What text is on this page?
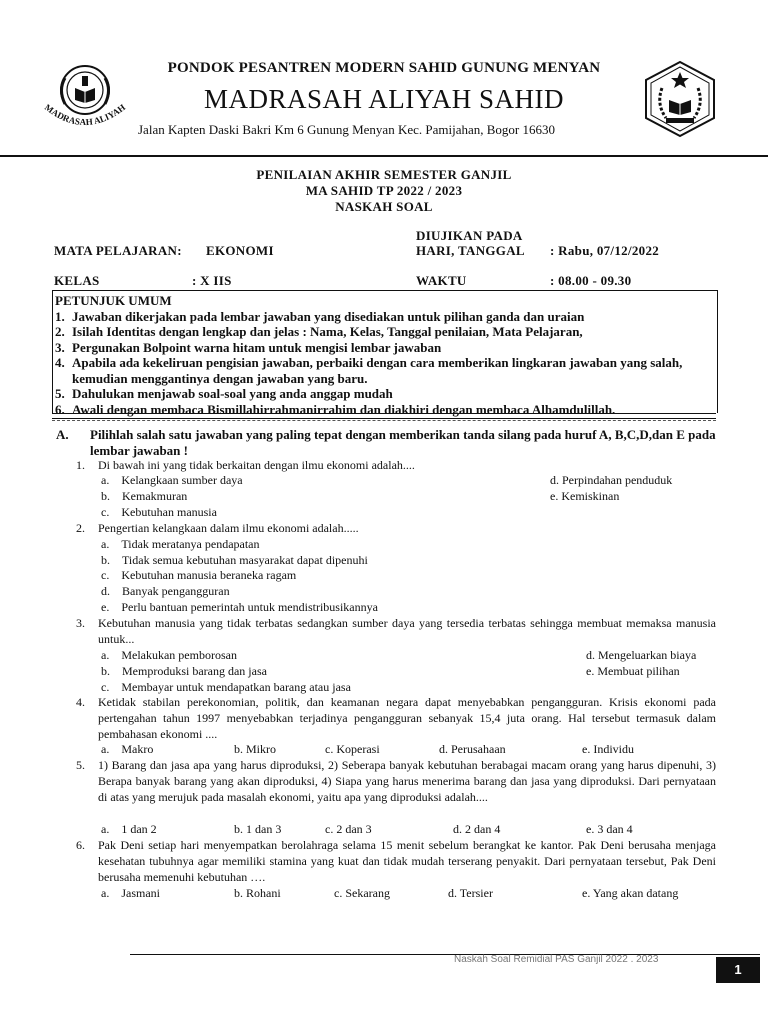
MADRASAH ALIYAH
PONDOK PESANTREN MODERN SAHID GUNUNG MENYAN
MADRASAH ALIYAH SAHID
Jalan Kapten Daski Bakri Km 6 Gunung Menyan Kec. Pamijahan, Bogor 16630
PENILAIAN AKHIR SEMESTER GANJIL
MA SAHID TP 2022 / 2023
NASKAH SOAL
DIUJIKAN PADA
MATA PELAJARAN: EKONOMI	HARI, TANGGAL : Rabu, 07/12/2022
KELAS	: X IIS	WAKTU	: 08.00 - 09.30
PETUNJUK UMUM
1. Jawaban dikerjakan pada lembar jawaban yang disediakan untuk pilihan ganda dan uraian
2. Isilah Identitas dengan lengkap dan jelas : Nama, Kelas, Tanggal penilaian, Mata Pelajaran,
3. Pergunakan Bolpoint warna hitam untuk mengisi lembar jawaban
4. Apabila ada kekeliruan pengisian jawaban, perbaiki dengan cara memberikan lingkaran jawaban yang salah, kemudian menggantinya dengan jawaban yang baru.
5. Dahulukan menjawab soal-soal yang anda anggap mudah
6. Awali dengan membaca Bismillahirrahmanirrahim dan diakhiri dengan membaca Alhamdulillah.
A. Pilihlah salah satu jawaban yang paling tepat dengan memberikan tanda silang pada huruf A, B,C,D,dan E pada lembar jawaban !
1.	Di bawah ini yang tidak berkaitan dengan ilmu ekonomi adalah....
a. Kelangkaan sumber daya
b. Kemakmuran
c. Kebutuhan manusia
d. Perpindahan penduduk
e. Kemiskinan
2.	Pengertian kelangkaan dalam ilmu ekonomi adalah.....
a. Tidak meratanya pendapatan
b. Tidak semua kebutuhan masyarakat dapat dipenuhi
c. Kebutuhan manusia beraneka ragam
d. Banyak pengangguran
e. Perlu bantuan pemerintah untuk mendistribusikannya
3.	Kebutuhan manusia yang tidak terbatas sedangkan sumber daya yang tersedia terbatas sehingga membuat memaksa manusia untuk...
a. Melakukan pemborosan
b. Memproduksi barang dan jasa
c. Membayar untuk mendapatkan barang atau jasa
d. Mengeluarkan biaya
e. Membuat pilihan
4.	Ketidak stabilan perekonomian, politik, dan keamanan negara dapat menyebabkan pengangguran. Krisis ekonomi pada pertengahan tahun 1997 menyebabkan terjadinya pengangguran sebanyak 15,4 juta orang. Hal tersebut termasuk dalam pembahasan ekonomi ....
a. Makro	b. Mikro	c. Koperasi	d. Perusahaan	e. Individu
5.	1) Barang dan jasa apa yang harus diproduksi, 2) Seberapa banyak kebutuhan berabagai macam orang yang harus dipenuhi, 3) Berapa banyak barang yang akan diproduksi, 4) Siapa yang harus menerima barang dan jasa yang diproduksi. Dari pernyataan di atas yang merujuk pada masalah ekonomi, yaitu apa yang diproduksi adalah....
a. 1 dan 2	b. 1 dan 3	c. 2 dan 3	d. 2 dan 4	e. 3 dan 4
6.	Pak Deni setiap hari menyempatkan berolahraga selama 15 menit sebelum berangkat ke kantor. Pak Deni berusaha menjaga kesehatan tubuhnya agar memiliki stamina yang kuat dan tidak mudah terserang penyakit. Dari pernyataan tersebut, Pak Deni berusaha memenuhi kebutuhan ….
a. Jasmani	b. Rohani	c. Sekarang	d. Tersier	e. Yang akan datang
Naskah Soal Remidial PAS Ganjil 2022 . 2023
1
